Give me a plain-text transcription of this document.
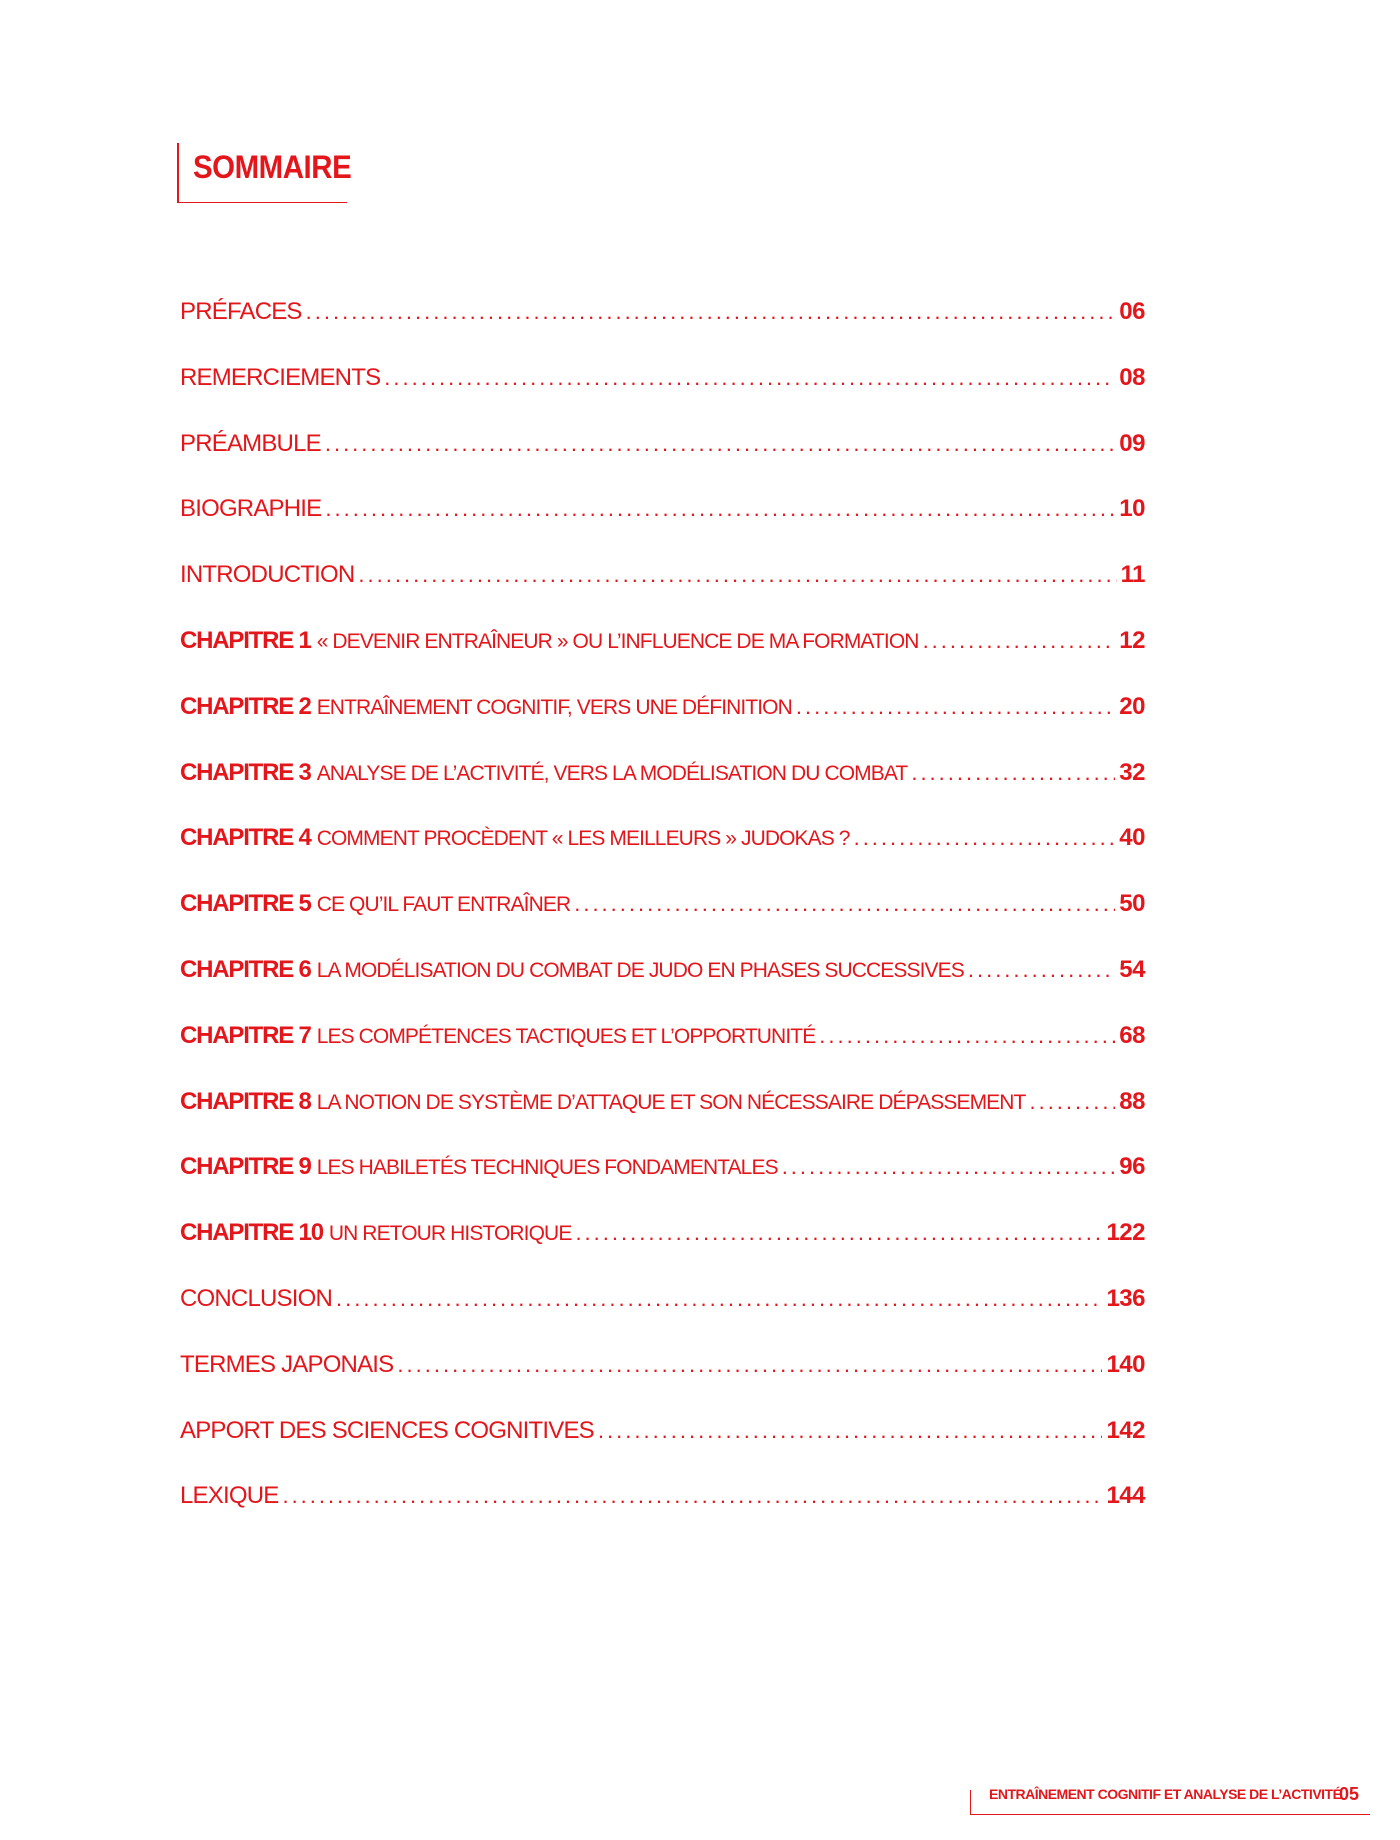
SOMMAIRE
PRÉFACES .....	06
REMERCIEMENTS .....	08
PRÉAMBULE .....	09
BIOGRAPHIE .....	10
INTRODUCTION .....	11
CHAPITRE 1 « DEVENIR ENTRAÎNEUR » OU L’INFLUENCE DE MA FORMATION .....	12
CHAPITRE 2 ENTRAÎNEMENT COGNITIF, VERS UNE DÉFINITION .....	20
CHAPITRE 3 ANALYSE DE L’ACTIVITÉ, VERS LA MODÉLISATION DU COMBAT .....	32
CHAPITRE 4 COMMENT PROCÈDENT « LES MEILLEURS » JUDOKAS ? .....	40
CHAPITRE 5 CE QU’IL FAUT ENTRAÎNER .....	50
CHAPITRE 6 LA MODÉLISATION DU COMBAT DE JUDO EN PHASES SUCCESSIVES .....	54
CHAPITRE 7 LES COMPÉTENCES TACTIQUES ET L’OPPORTUNITÉ .....	68
CHAPITRE 8 LA NOTION DE SYSTÈME D’ATTAQUE ET SON NÉCESSAIRE DÉPASSEMENT .....	88
CHAPITRE 9 LES HABILETÉS TECHNIQUES FONDAMENTALES .....	96
CHAPITRE 10 UN RETOUR HISTORIQUE .....	122
CONCLUSION .....	136
TERMES JAPONAIS .....	140
APPORT DES SCIENCES COGNITIVES .....	142
LEXIQUE .....	144
ENTRAÎNEMENT COGNITIF ET ANALYSE DE L’ACTIVITÉ
05
